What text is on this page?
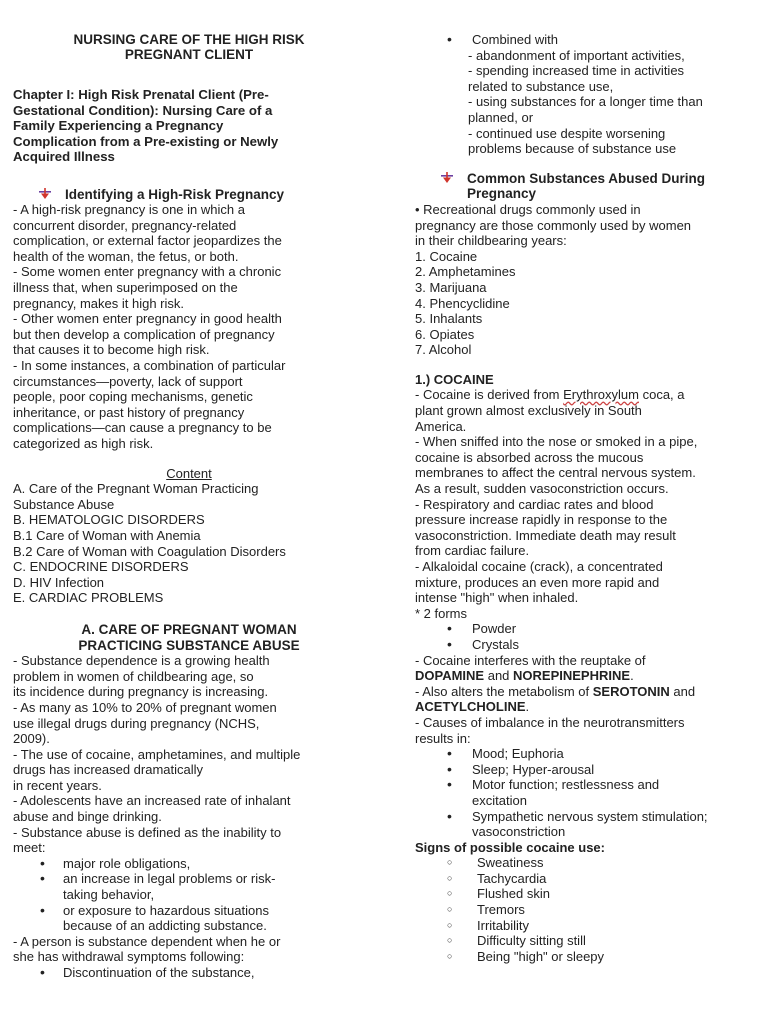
NURSING CARE OF THE HIGH RISK
PREGNANT CLIENT
Chapter I: High Risk Prenatal Client (Pre-
Gestational Condition): Nursing Care of a
Family Experiencing a Pregnancy
Complication from a Pre-existing or Newly
Acquired Illness
Identifying a High-Risk Pregnancy
- A high-risk pregnancy is one in which a
concurrent disorder, pregnancy-related
complication, or external factor jeopardizes the
health of the woman, the fetus, or both.
- Some women enter pregnancy with a chronic
illness that, when superimposed on the
pregnancy, makes it high risk.
- Other women enter pregnancy in good health
but then develop a complication of pregnancy
that causes it to become high risk.
- In some instances, a combination of particular
circumstances—poverty, lack of support
people, poor coping mechanisms, genetic
inheritance, or past history of pregnancy
complications—can cause a pregnancy to be
categorized as high risk.
Content
A. Care of the Pregnant Woman Practicing
Substance Abuse
B. HEMATOLOGIC DISORDERS
B.1 Care of Woman with Anemia
B.2 Care of Woman with Coagulation Disorders
C. ENDOCRINE DISORDERS
D. HIV Infection
E. CARDIAC PROBLEMS
A. CARE OF PREGNANT WOMAN
PRACTICING SUBSTANCE ABUSE
- Substance dependence is a growing health
problem in women of childbearing age, so
its incidence during pregnancy is increasing.
- As many as 10% to 20% of pregnant women
use illegal drugs during pregnancy (NCHS,
2009).
- The use of cocaine, amphetamines, and multiple
drugs has increased dramatically
in recent years.
- Adolescents have an increased rate of inhalant
abuse and binge drinking.
- Substance abuse is defined as the inability to
meet:
• major role obligations,
• an increase in legal problems or risk-
taking behavior,
• or exposure to hazardous situations
because of an addicting substance.
- A person is substance dependent when he or
she has withdrawal symptoms following:
• Discontinuation of the substance,
• Combined with
- abandonment of important activities,
- spending increased time in activities
related to substance use,
- using substances for a longer time than
planned, or
- continued use despite worsening
problems because of substance use
Common Substances Abused During
Pregnancy
• Recreational drugs commonly used in
pregnancy are those commonly used by women
in their childbearing years:
1. Cocaine
2. Amphetamines
3. Marijuana
4. Phencyclidine
5. Inhalants
6. Opiates
7. Alcohol
1.) COCAINE
- Cocaine is derived from Erythroxylum coca, a
plant grown almost exclusively in South
America.
- When sniffed into the nose or smoked in a pipe,
cocaine is absorbed across the mucous
membranes to affect the central nervous system.
As a result, sudden vasoconstriction occurs.
- Respiratory and cardiac rates and blood
pressure increase rapidly in response to the
vasoconstriction. Immediate death may result
from cardiac failure.
- Alkaloidal cocaine (crack), a concentrated
mixture, produces an even more rapid and
intense "high" when inhaled.
* 2 forms
• Powder
• Crystals
- Cocaine interferes with the reuptake of
DOPAMINE and NOREPINEPHRINE.
- Also alters the metabolism of SEROTONIN and
ACETYLCHOLINE.
- Causes of imbalance in the neurotransmitters
results in:
• Mood; Euphoria
• Sleep; Hyper-arousal
• Motor function; restlessness and
excitation
• Sympathetic nervous system stimulation;
vasoconstriction
Signs of possible cocaine use:
○ Sweatiness
○ Tachycardia
○ Flushed skin
○ Tremors
○ Irritability
○ Difficulty sitting still
○ Being "high" or sleepy
